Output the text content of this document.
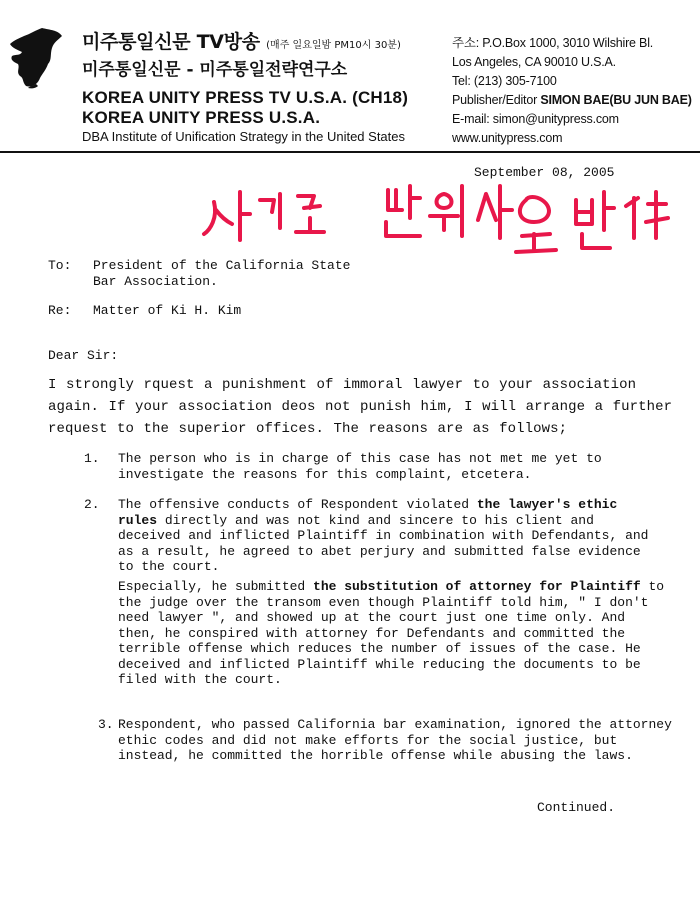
미주통일신문 TV방송 (매주 일요일밤 PM10시 30분)
미주통일신문 - 미주통일전략연구소
KOREA UNITY PRESS TV U.S.A. (CH18)
KOREA UNITY PRESS U.S.A.
DBA Institute of Unification Strategy in the United States
주소: P.O.Box 1000, 3010 Wilshire Bl.
Los Angeles, CA 90010 U.S.A.
Tel: (213) 305-7100
Publisher/Editor SIMON BAE(BU JUN BAE)
E-mail: simon@unitypress.com
www.unitypress.com
September 08, 2005
To: President of the California State
Bar Association.
Re: Matter of Ki H. Kim
Dear Sir:
I strongly rquest a punishment of immoral lawyer to your association again. If your association deos not punish him, I will arrange a further request to the superior offices. The reasons are as follows;
1. The person who is in charge of this case has not met me yet to investigate the reasons for this complaint, etcetera.
2. The offensive conducts of Respondent violated the lawyer's ethic rules directly and was not kind and sincere to his client and deceived and inflicted Plaintiff in combination with Defendants, and as a result, he agreed to abet perjury and submitted false evidence to the court.
Especially, he submitted the substitution of attorney for Plaintiff to the judge over the transom even though Plaintiff told him, " I don't need lawyer ", and showed up at the court just one time only. And then, he conspired with attorney for Defendants and committed the terrible offense which reduces the number of issues of the case. He deceived and inflicted Plaintiff while reducing the documents to be filed with the court.
3. Respondent, who passed California bar examination, ignored the attorney ethic codes and did not make efforts for the social justice, but instead, he committed the horrible offense while abusing the laws.
Continued.
